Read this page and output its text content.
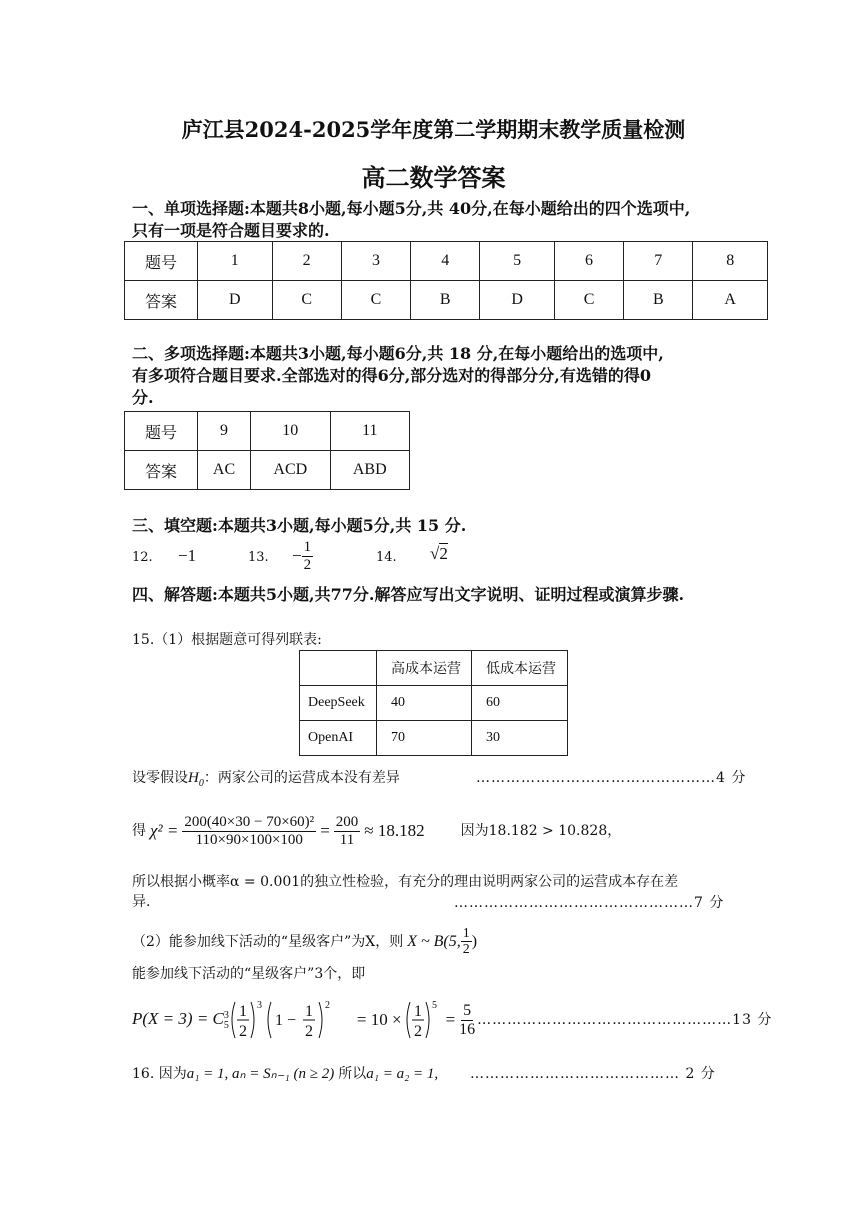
庐江县2024-2025学年度第二学期期末教学质量检测
高二数学答案
一、单项选择题:本题共8小题,每小题5分,共 40分,在每小题给出的四个选项中,
只有一项是符合题目要求的.
题号	1	2	3	4	5	6	7	8
答案	D	C	C	B	D	C	B	A
二、多项选择题:本题共3小题,每小题6分,共 18 分,在每小题给出的选项中,
有多项符合题目要求.全部选对的得6分,部分选对的得部分分,有选错的得0
分.
题号	9	10	11
答案	AC	ACD	ABD
三、填空题:本题共3小题,每小题5分,共 15 分.
12. −1	13. − $\frac{1}{2}$	14. √2
四、解答题:本题共5小题,共77分.解答应写出文字说明、证明过程或演算步骤.
15.（1）根据题意可得列联表:
	高成本运营	低成本运营
DeepSeek	40	60
OpenAI	70	30
设零假设$H_0$：两家公司的运营成本没有差异	…………………………………………4 分
得 $\chi^2 = \frac{\text{200(40×30 − 70×60)²}}{110\times 90\times 100\times 100} = \frac{200}{11} \approx 18.182$	因为18.182 > 10.828，
所以根据小概率α = 0.001的独立性检验，有充分的理由说明两家公司的运营成本存在差
异.	…………………………………………7 分
（2）能参加线下活动的“星级客户”为X，则 X ~ B(5, $\frac{1}{2}$ )
能参加线下活动的“星级客户”3个，即
P(X = 3) = C 3
5
1
2
3
1 −
1
2
2
= 10 × 1
2
5
= $\frac{5}{16}$ ……………………………………………13 分
16. 因为 a₁ = 1, aₙ = Sₙ₋₁ (n ≥ 2) 所以 a₁ = a₂ = 1, …………………………………… 2 分
